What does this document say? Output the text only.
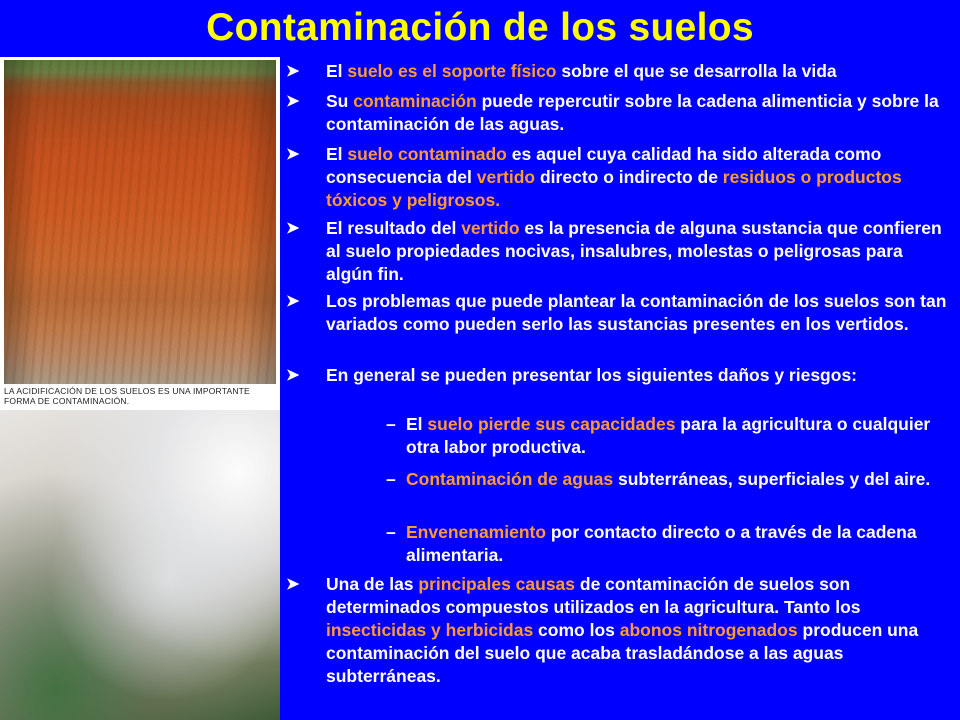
Contaminación de los suelos
LA ACIDIFICACIÓN DE LOS SUELOS ES UNA IMPORTANTE FORMA DE CONTAMINACIÓN.
➤ El suelo es el soporte físico sobre el que se desarrolla la vida
➤ Su contaminación puede repercutir sobre la cadena alimenticia y sobre la contaminación de las aguas.
➤ El suelo contaminado es aquel cuya calidad ha sido alterada como consecuencia del vertido directo o indirecto de residuos o productos tóxicos y peligrosos.
➤ El resultado del vertido es la presencia de alguna sustancia que confieren al suelo propiedades nocivas, insalubres, molestas o peligrosas para algún fin.
➤ Los problemas que puede plantear la contaminación de los suelos son tan variados como pueden serlo las sustancias presentes en los vertidos.
➤ En general se pueden presentar los siguientes daños y riesgos:
– El suelo pierde sus capacidades para la agricultura o cualquier otra labor productiva.
– Contaminación de aguas subterráneas, superficiales y del aire.
– Envenenamiento por contacto directo o a través de la cadena alimentaria.
➤ Una de las principales causas de contaminación de suelos son determinados compuestos utilizados en la agricultura. Tanto los insecticidas y herbicidas como los abonos nitrogenados producen una contaminación del suelo que acaba trasladándose a las aguas subterráneas.
